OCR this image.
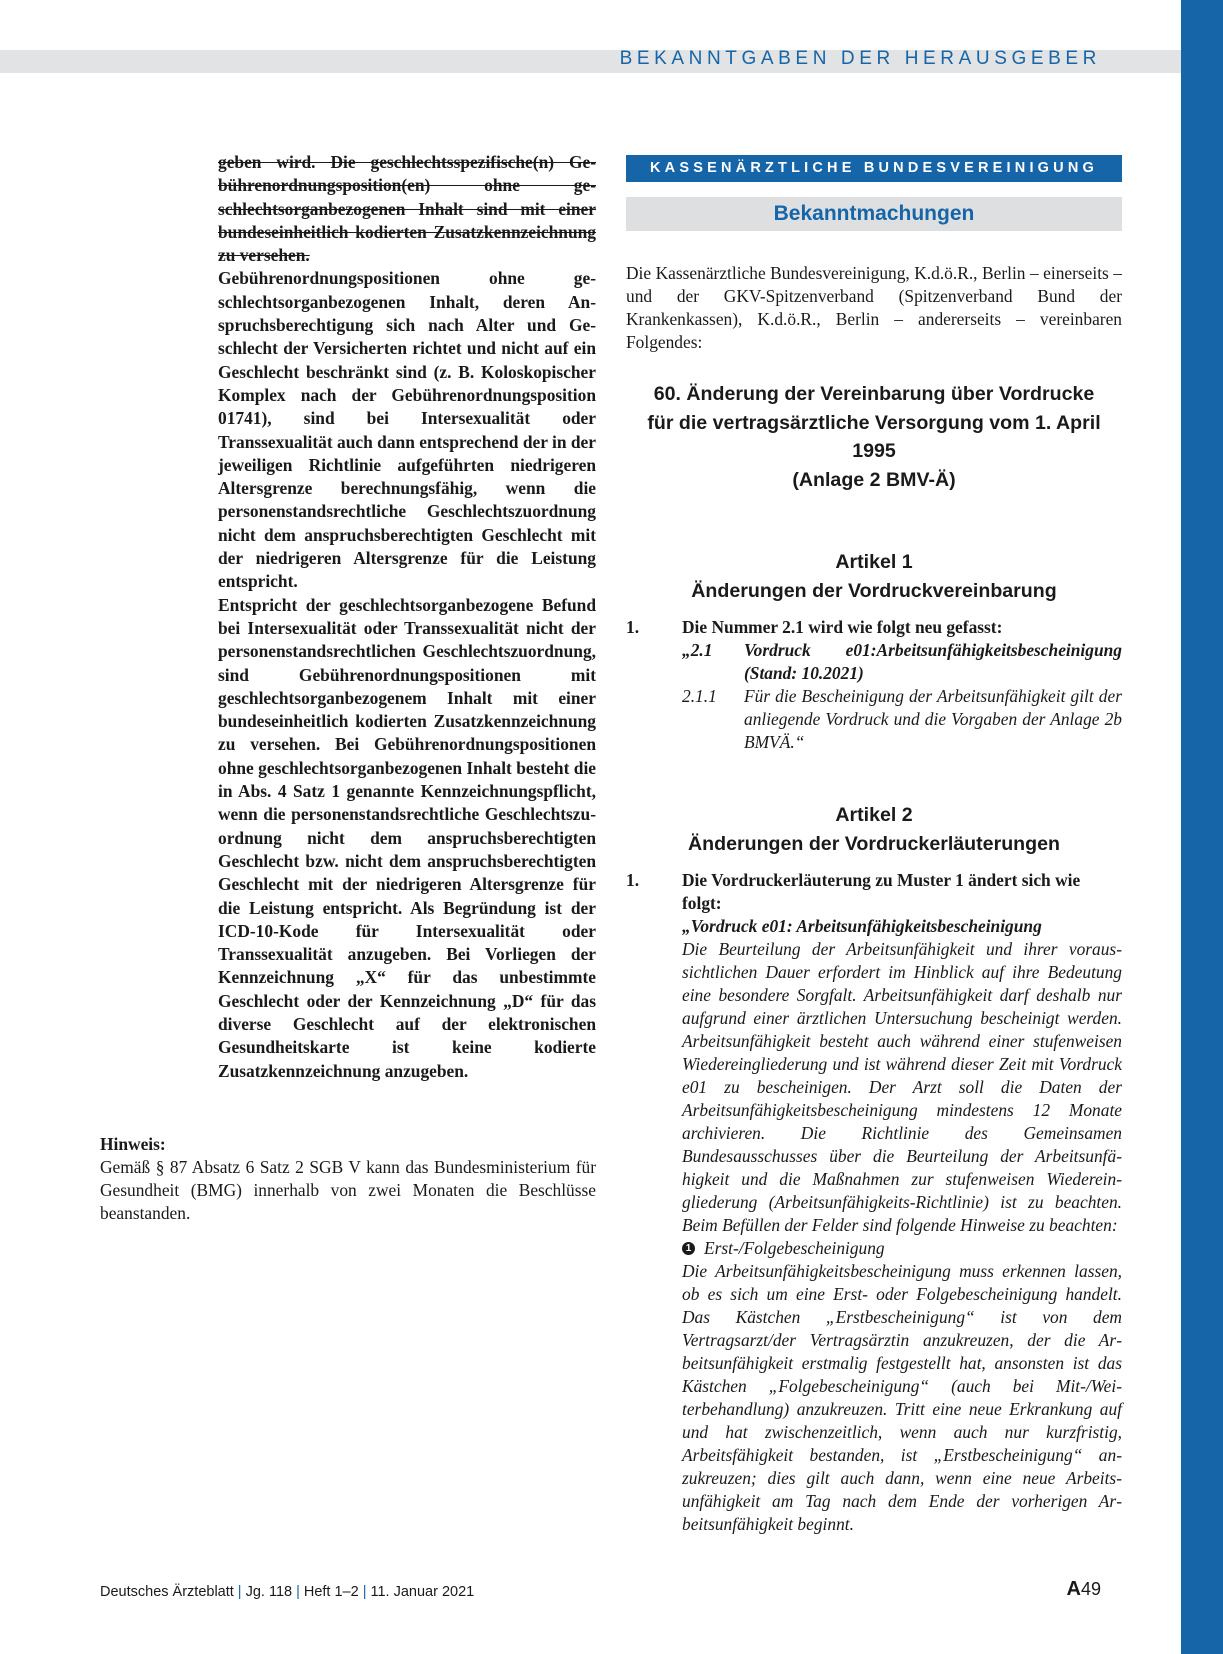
BEKANNTGABEN DER HERAUSGEBER

geben wird. Die geschlechtsspezifische(n) Gebührenordnungsposition(en) ohne geschlechtsorganbezogenen Inhalt sind mit einer bundeseinheitlich kodierten Zusatzkennzeichnung zu versehen.

Gebührenordnungspositionen ohne geschlechtsorganbezogenen Inhalt, deren Anspruchsberechtigung sich nach Alter und Geschlecht der Versicherten richtet und nicht auf ein Geschlecht beschränkt sind (z. B. Koloskopischer Komplex nach der Gebührenordnungsposition 01741), sind bei Intersexualität oder Transsexualität auch dann entsprechend der in der jeweiligen Richtlinie aufgeführten niedrigeren Altersgrenze berechnungsfähig, wenn die personenstandsrechtliche Geschlechtszuordnung nicht dem anspruchsberechtigten Geschlecht mit der niedrigeren Altersgrenze für die Leistung entspricht.

Entspricht der geschlechtsorganbezogene Befund bei Intersexualität oder Transsexualität nicht der personenstandsrechtlichen Geschlechtszuordnung, sind Gebührenordnungspositionen mit geschlechtsorganbezogenem Inhalt mit einer bundeseinheitlich kodierten Zusatzkennzeichnung zu versehen. Bei Gebührenordnungspositionen ohne geschlechtsorganbezogenen Inhalt besteht die in Abs. 4 Satz 1 genannte Kennzeichnungspflicht, wenn die personenstandsrechtliche Geschlechtszuordnung nicht dem anspruchsberechtigten Geschlecht bzw. nicht dem anspruchsberechtigten Geschlecht mit der niedrigeren Altersgrenze für die Leistung entspricht. Als Begründung ist der ICD-10-Kode für Intersexualität oder Transsexualität anzugeben. Bei Vorliegen der Kennzeichnung „X“ für das unbestimmte Geschlecht oder der Kennzeichnung „D“ für das diverse Geschlecht auf der elektronischen Gesundheitskarte ist keine kodierte Zusatzkennzeichnung anzugeben.

Hinweis:

Gemäß § 87 Absatz 6 Satz 2 SGB V kann das Bundesministerium für Gesundheit (BMG) innerhalb von zwei Monaten die Beschlüsse beanstanden.

KASSENÄRZTLICHE BUNDESVEREINIGUNG
Bekanntmachungen

Die Kassenärztliche Bundesvereinigung, K.d.ö.R., Berlin – einerseits – und der GKV-Spitzenverband (Spitzenverband Bund der Krankenkassen), K.d.ö.R., Berlin – andererseits – vereinbaren Folgendes:

60. Änderung der Vereinbarung über Vordrucke
für die vertragsärztliche Versorgung vom 1. April 1995
(Anlage 2 BMV-Ä)
Artikel 1
Änderungen der Vordruckvereinbarung
1.	Die Nummer 2.1 wird wie folgt neu gefasst:
„2.1	Vordruck e01:Arbeitsunfähigkeitsbescheinigung (Stand: 10.2021)
2.1.1	Für die Bescheinigung der Arbeitsunfähigkeit gilt der anliegende Vordruck und die Vorgaben der Anlage 2b BMVÄ.“
Artikel 2
Änderungen der Vordruckerläuterungen
1.	Die Vordruckerläuterung zu Muster 1 ändert sich wie folgt:
„Vordruck e01: Arbeitsunfähigkeitsbescheinigung

Die Beurteilung der Arbeitsunfähigkeit und ihrer voraussichtlichen Dauer erfordert im Hinblick auf ihre Bedeutung eine besondere Sorgfalt. Arbeitsunfähigkeit darf deshalb nur aufgrund einer ärztlichen Untersuchung bescheinigt werden. Arbeitsunfähigkeit besteht auch während einer stufenweisen Wiedereingliederung und ist während dieser Zeit mit Vordruck e01 zu bescheinigen. Der Arzt soll die Daten der Arbeitsunfähigkeitsbescheinigung mindestens 12 Monate archivieren. Die Richtlinie des Gemeinsamen Bundesausschusses über die Beurteilung der Arbeitsunfähigkeit und die Maßnahmen zur stufenweisen Wiedereingliederung (Arbeitsunfähigkeits-Richtlinie) ist zu beachten. Beim Befüllen der Felder sind folgende Hinweise zu beachten:

1 Erst-/Folgebescheinigung

Die Arbeitsunfähigkeitsbescheinigung muss erkennen lassen, ob es sich um eine Erst- oder Folgebescheinigung handelt. Das Kästchen „Erstbescheinigung“ ist von dem Vertragsarzt/der Vertragsärztin anzukreuzen, der die Arbeitsunfähigkeit erstmalig festgestellt hat, ansonsten ist das Kästchen „Folgebescheinigung“ (auch bei Mit-/Weiterbehandlung) anzukreuzen. Tritt eine neue Erkrankung auf und hat zwischenzeitlich, wenn auch nur kurzfristig, Arbeitsfähigkeit bestanden, ist „Erstbescheinigung“ anzukreuzen; dies gilt auch dann, wenn eine neue Arbeitsunfähigkeit am Tag nach dem Ende der vorherigen Arbeitsunfähigkeit beginnt.

Deutsches Ärzteblatt | Jg. 118 | Heft 1–2 | 11. Januar 2021	A49
